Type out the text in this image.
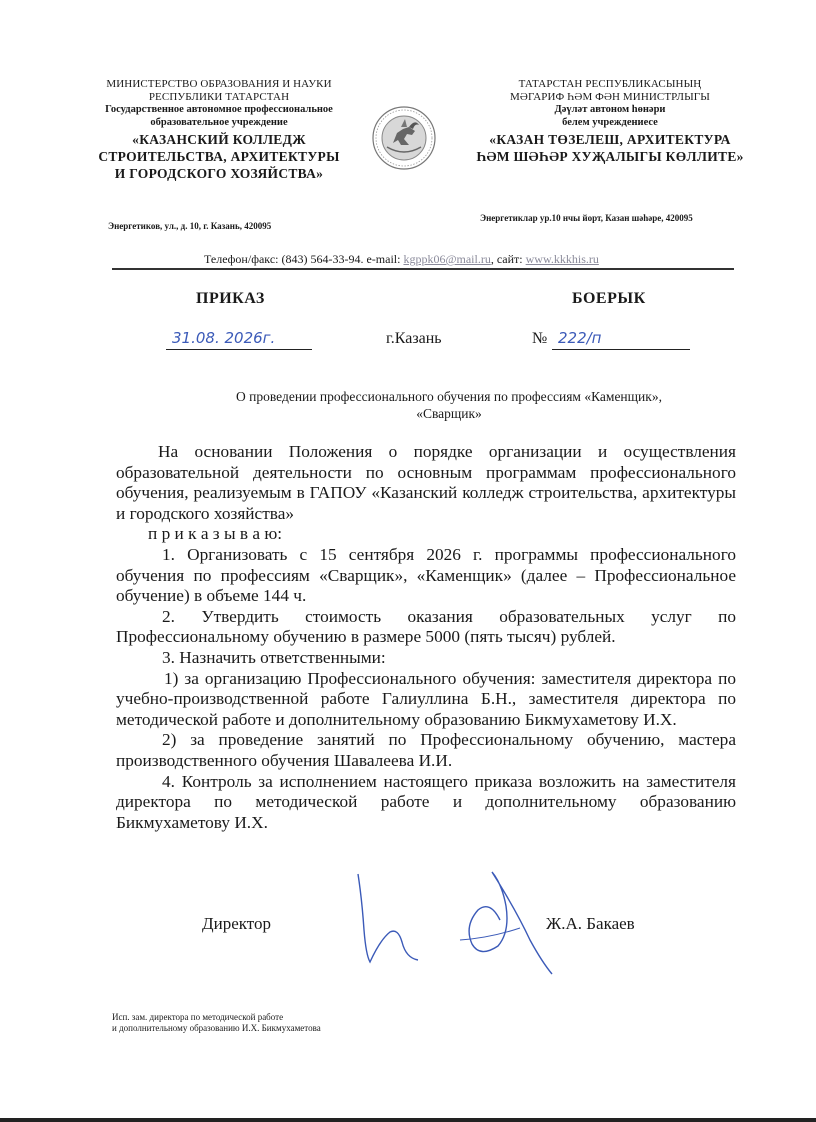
МИНИСТЕРСТВО ОБРАЗОВАНИЯ И НАУКИ
РЕСПУБЛИКИ ТАТАРСТАН
Государственное автономное профессиональное
образовательное учреждение
«КАЗАНСКИЙ КОЛЛЕДЖ
СТРОИТЕЛЬСТВА, АРХИТЕКТУРЫ
И ГОРОДСКОГО ХОЗЯЙСТВА»
Энергетиков, ул., д. 10, г. Казань, 420095
ТАТАРСТАН РЕСПУБЛИКАСЫНЫҢ
МӘГАРИФ ҺӘМ ФӘН МИНИСТРЛЫГЫ
Дәүләт автоном һөнәри
белем учреждениесе
«КАЗАН ТӨЗЕЛЕШ, АРХИТЕКТУРА
ҺӘМ ШӘҺӘР ХУҖАЛЫГЫ КӨЛЛИТЕ»
Энергетиклар ур.10 нчы йорт, Казан шәһәре, 420095
Телефон/факс: (843) 564-33-94. e-mail: kgppk06@mail.ru, сайт: www.kkkhis.ru
ПРИКАЗ	БОЕРЫК
31.08. 2026г.	г.Казань	№ 222/п
О проведении профессионального обучения по профессиям «Каменщик»,
«Сварщик»

На основании Положения о порядке организации и осуществления образовательной деятельности по основным программам профессионального обучения, реализуемым в ГАПОУ «Казанский колледж строительства, архитектуры и городского хозяйства»

п р и к а з ы в а ю:

1. Организовать с 15 сентября 2026 г. программы профессионального обучения по профессиям «Сварщик», «Каменщик» (далее – Профессиональное обучение) в объеме 144 ч.

2. Утвердить стоимость оказания образовательных услуг по Профессиональному обучению в размере 5000 (пять тысяч) рублей.

3. Назначить ответственными:

1) за организацию Профессионального обучения: заместителя директора по учебно-производственной работе Галиуллина Б.Н., заместителя директора по методической работе и дополнительному образованию Бикмухаметову И.Х.

2) за проведение занятий по Профессиональному обучению, мастера производственного обучения Шавалеева И.И.

4. Контроль за исполнением настоящего приказа возложить на заместителя директора по методической работе и дополнительному образованию Бикмухаметову И.Х.

Директор	Ж.А. Бакаев
Исп. зам. директора по методической работе
и дополнительному образованию И.Х. Бикмухаметова
